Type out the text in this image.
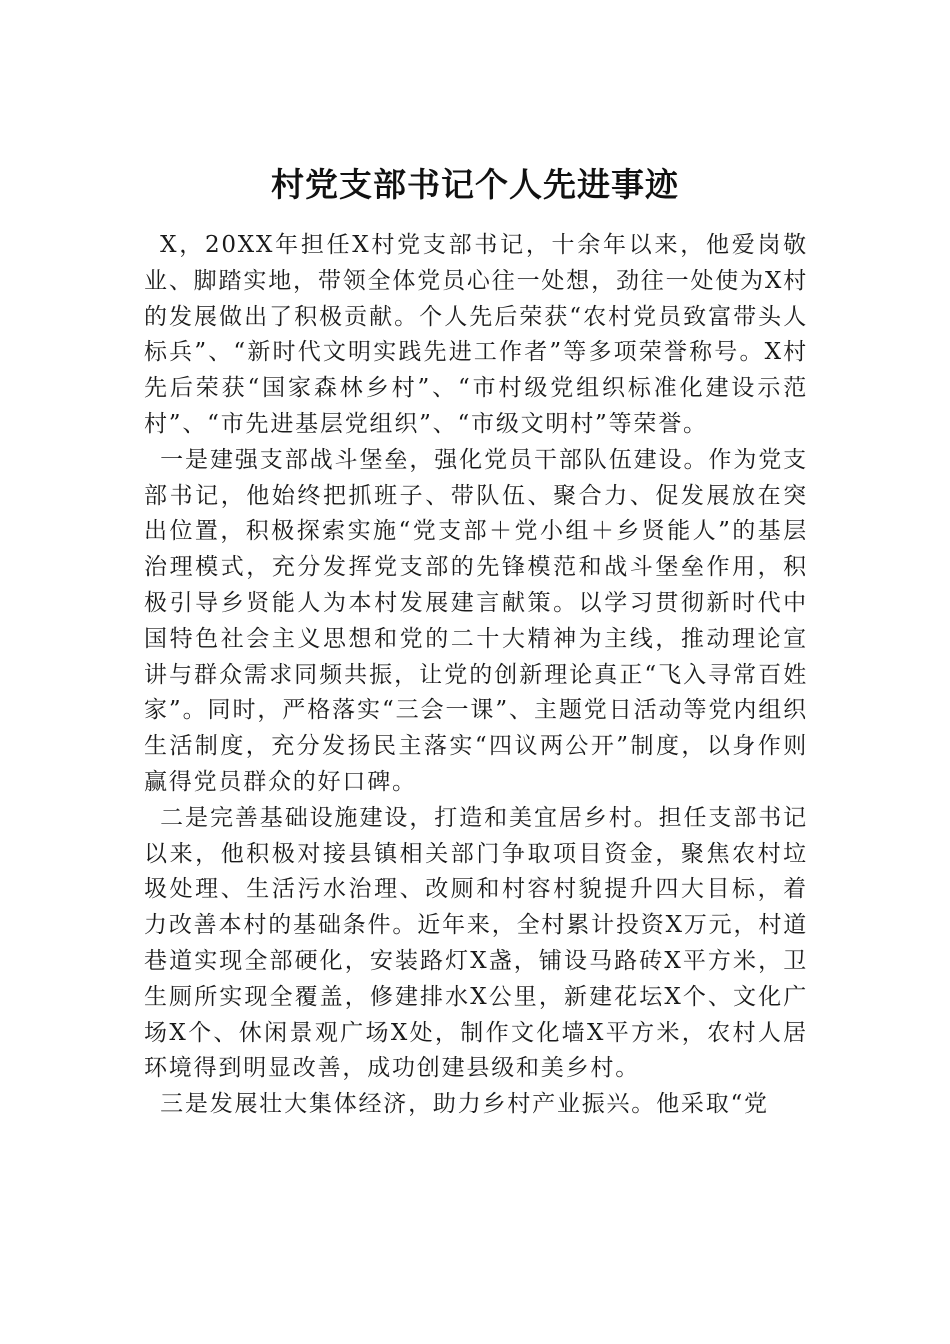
村党支部书记个人先进事迹

X，20XX年担任X村党支部书记，十余年以来，他爱岗敬业、脚踏实地，带领全体党员心往一处想，劲往一处使为X村的发展做出了积极贡献。个人先后荣获“农村党员致富带头人标兵”、“新时代文明实践先进工作者”等多项荣誉称号。X村先后荣获“国家森林乡村”、“市村级党组织标准化建设示范村”、“市先进基层党组织”、“市级文明村”等荣誉。

一是建强支部战斗堡垒，强化党员干部队伍建设。作为党支部书记，他始终把抓班子、带队伍、聚合力、促发展放在突出位置，积极探索实施“党支部＋党小组＋乡贤能人”的基层治理模式，充分发挥党支部的先锋模范和战斗堡垒作用，积极引导乡贤能人为本村发展建言献策。以学习贯彻新时代中国特色社会主义思想和党的二十大精神为主线，推动理论宣讲与群众需求同频共振，让党的创新理论真正“飞入寻常百姓家”。同时，严格落实“三会一课”、主题党日活动等党内组织生活制度，充分发扬民主落实“四议两公开”制度，以身作则赢得党员群众的好口碑。

二是完善基础设施建设，打造和美宜居乡村。担任支部书记以来，他积极对接县镇相关部门争取项目资金，聚焦农村垃圾处理、生活污水治理、改厕和村容村貌提升四大目标，着力改善本村的基础条件。近年来，全村累计投资X万元，村道巷道实现全部硬化，安装路灯X盏，铺设马路砖X平方米，卫生厕所实现全覆盖，修建排水X公里，新建花坛X个、文化广场X个、休闲景观广场X处，制作文化墙X平方米，农村人居环境得到明显改善，成功创建县级和美乡村。

三是发展壮大集体经济，助力乡村产业振兴。他采取“党
